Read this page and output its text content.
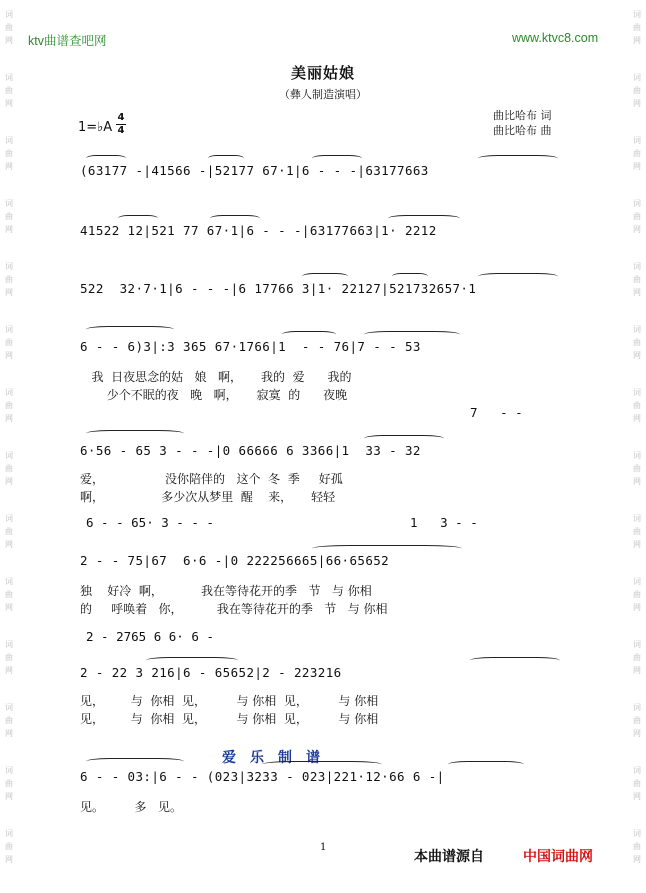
词
曲
网
词
曲
网
词
曲
网
词
曲
网
词
曲
网
词
曲
网
词
曲
网
词
曲
网
词
曲
网
词
曲
网
词
曲
网
词
曲
网
词
曲
网
词
曲
网
词
曲
网
词
曲
网
词
曲
网
词
曲
网
词
曲
网
词
曲
网
词
曲
网
词
曲
网
词
曲
网
词
曲
网
词
曲
网
词
曲
网
词
曲
网
词
曲
网
ktv曲谱查吧网	www.ktvc8.com
美丽姑娘
（彝人制造演唱）
曲比哈布 词
曲比哈布 曲
1=♭A
4
4
(63177 -|41566 -|52177 67·1|6 - - -|63177663
41522 12|521 77 67·1|6 - - -|63177663|1· 2212
522  32·7·1|6 - - -|6 17766 3|1· 22127|521732657·1
6 - - 6)3|:3 365 67·1766|1  - - 76|7 - - 53
我  日夜思念的姑   娘   啊，     我的  爱      我的
少个不眠的夜   晚   啊，     寂寞  的      夜晚
7   - -
6·56 - 65 3 - - -|0 66666 6 3366|1  33 - 32
爱，                没你陪伴的   这个  冬  季     好孤
啊，               多少次从梦里  醒    来，     轻轻
6 - - 65· 3 - - -	1   3 - -
2 - - 75|67  6·6 -|0 222256665|66·65652
独    好冷  啊，          我在等待花开的季   节   与 你相
的     呼唤着   你，         我在等待花开的季   节   与 你相
2 - 2765 6 6· 6 -
2 - 22 3 216|6 - 65652|2 - 223216
见，       与  你相  见，        与 你相  见，        与 你相
见，       与  你相  见，        与 你相  见，        与 你相
爱乐制谱
6 - - 03:|6 - - (023|3233 - 023|221·12·66 6 -|
见。        多   见。
1
本曲谱源自	中国词曲网
